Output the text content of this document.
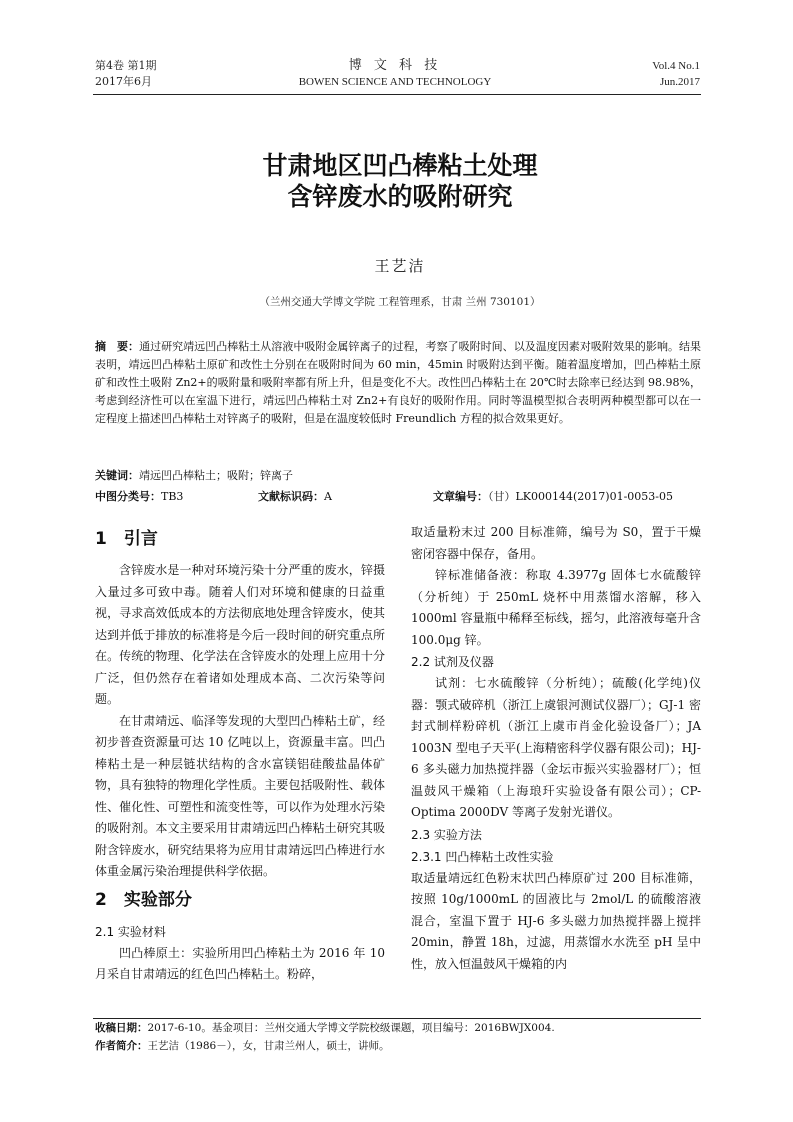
第4卷 第1期
2017年6月
博 文 科 技
BOWEN SCIENCE AND TECHNOLOGY
Vol.4 No.1
Jun.2017
甘肃地区凹凸棒粘土处理
含锌废水的吸附研究
王艺洁
（兰州交通大学博文学院 工程管理系，甘肃 兰州 730101）
摘　要：通过研究靖远凹凸棒粘土从溶液中吸附金属锌离子的过程，考察了吸附时间、以及温度因素对吸附效果的影响。结果表明，靖远凹凸棒粘土原矿和改性土分别在在吸附时间为 60 min，45min 时吸附达到平衡。随着温度增加，凹凸棒粘土原矿和改性土吸附 Zn2+的吸附量和吸附率都有所上升，但是变化不大。改性凹凸棒粘土在 20℃时去除率已经达到 98.98%，考虑到经济性可以在室温下进行，靖远凹凸棒粘土对 Zn2+有良好的吸附作用。同时等温模型拟合表明两种模型都可以在一定程度上描述凹凸棒粘土对锌离子的吸附，但是在温度较低时 Freundlich 方程的拟合效果更好。
关键词：靖远凹凸棒粘土；吸附；锌离子
中图分类号：TB3	文献标识码：A	文章编号：（甘）LK000144(2017)01-0053-05
1　引言

含锌废水是一种对环境污染十分严重的废水，锌摄入量过多可致中毒。随着人们对环境和健康的日益重视，寻求高效低成本的方法彻底地处理含锌废水，使其达到并低于排放的标准将是今后一段时间的研究重点所在。传统的物理、化学法在含锌废水的处理上应用十分广泛，但仍然存在着诸如处理成本高、二次污染等问题。

在甘肃靖远、临泽等发现的大型凹凸棒粘土矿，经初步普查资源量可达 10 亿吨以上，资源量丰富。凹凸棒粘土是一种层链状结构的含水富镁铝硅酸盐晶体矿物，具有独特的物理化学性质。主要包括吸附性、载体性、催化性、可塑性和流变性等，可以作为处理水污染的吸附剂。本文主要采用甘肃靖远凹凸棒粘土研究其吸附含锌废水，研究结果将为应用甘肃靖远凹凸棒进行水体重金属污染治理提供科学依据。

2　实验部分
2.1 实验材料

凹凸棒原土：实验所用凹凸棒粘土为 2016 年 10 月采自甘肃靖远的红色凹凸棒粘土。粉碎，

取适量粉末过 200 目标准筛，编号为 S0，置于干燥密闭容器中保存，备用。

锌标准储备液：称取 4.3977g 固体七水硫酸锌（分析纯）于 250mL 烧杯中用蒸馏水溶解，移入 1000ml 容量瓶中稀释至标线，摇匀，此溶液每毫升含 100.0μg 锌。

2.2 试剂及仪器

试剂：七水硫酸锌（分析纯）；硫酸(化学纯)仪器：颚式破碎机（浙江上虞银河测试仪器厂）；GJ-1 密封式制样粉碎机（浙江上虞市肖金化验设备厂）；JA 1003N 型电子天平(上海精密科学仪器有限公司)；HJ-6 多头磁力加热搅拌器（金坛市振兴实验器材厂）；恒温鼓风干燥箱（上海琅玕实验设备有限公司）；CP-Optima 2000DV 等离子发射光谱仪。

2.3 实验方法
2.3.1 凹凸棒粘土改性实验

取适量靖远红色粉末状凹凸棒原矿过 200 目标准筛，按照 10g/1000mL 的固液比与 2mol/L 的硫酸溶液混合，室温下置于 HJ-6 多头磁力加热搅拌器上搅拌 20min，静置 18h，过滤，用蒸馏水水洗至 pH 呈中性，放入恒温鼓风干燥箱的内

收稿日期：2017-6-10。基金项目：兰州交通大学博文学院校级课题，项目编号：2016BWJX004.
作者简介：王艺洁（1986－），女，甘肃兰州人，硕士，讲师。
